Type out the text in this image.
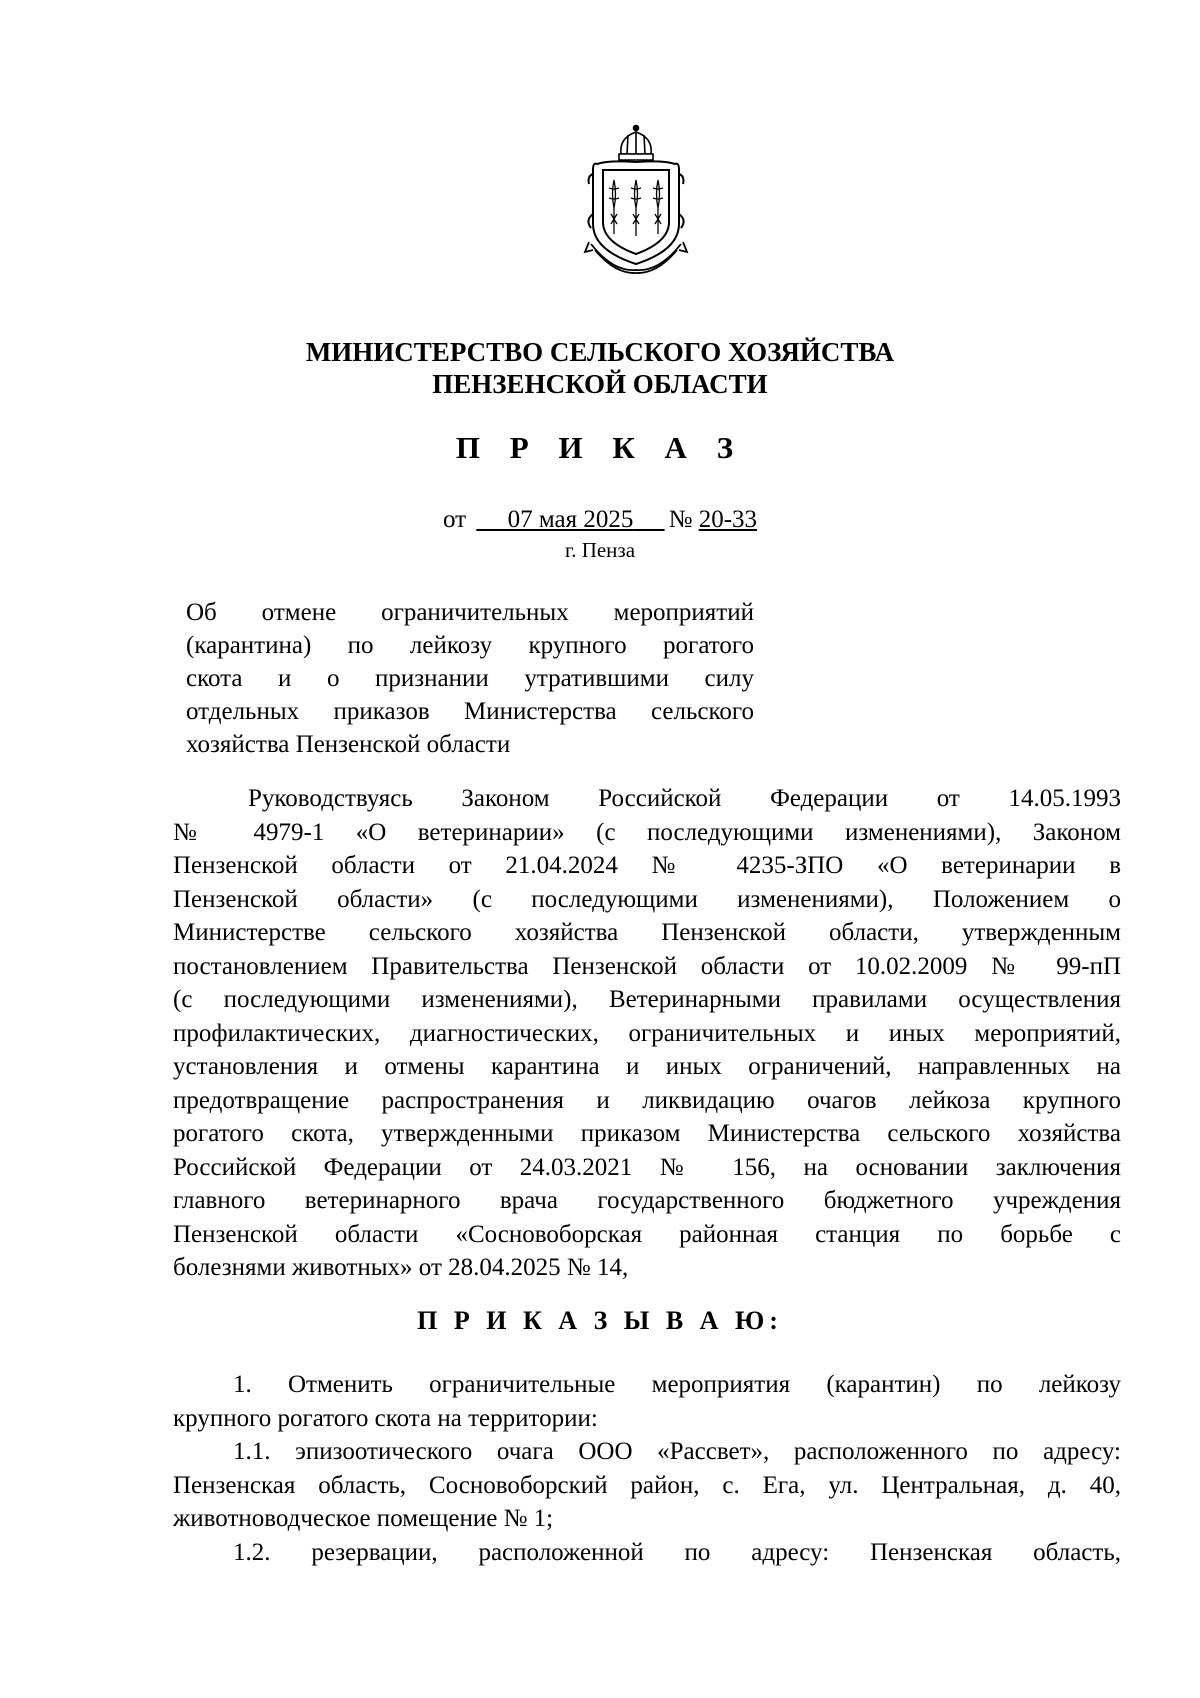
МИНИСТЕРСТВО СЕЛЬСКОГО ХОЗЯЙСТВА
ПЕНЗЕНСКОЙ ОБЛАСТИ
П Р И К А З
от 07 мая 2025 № 20-33
г. Пенза
Об отмене ограничительных мероприятий
(карантина) по лейкозу крупного рогатого
скота и о признании утратившими силу
отдельных приказов Министерства сельского
хозяйства Пензенской области
Руководствуясь Законом Российской Федерации от 14.05.1993
№ 4979-1 «О ветеринарии» (с последующими изменениями), Законом
Пензенской области от 21.04.2024 № 4235-ЗПО «О ветеринарии в
Пензенской области» (с последующими изменениями), Положением о
Министерстве сельского хозяйства Пензенской области, утвержденным
постановлением Правительства Пензенской области от 10.02.2009 № 99-пП
(с последующими изменениями), Ветеринарными правилами осуществления
профилактических, диагностических, ограничительных и иных мероприятий,
установления и отмены карантина и иных ограничений, направленных на
предотвращение распространения и ликвидацию очагов лейкоза крупного
рогатого скота, утвержденными приказом Министерства сельского хозяйства
Российской Федерации от 24.03.2021 № 156, на основании заключения
главного ветеринарного врача государственного бюджетного учреждения
Пензенской области «Сосновоборская районная станция по борьбе с
болезнями животных» от 28.04.2025 № 14,
П Р И К А З Ы В А Ю:
1. Отменить ограничительные мероприятия (карантин) по лейкозу
крупного рогатого скота на территории:
1.1. эпизоотического очага ООО «Рассвет», расположенного по адресу:
Пензенская область, Сосновоборский район, с. Ега, ул. Центральная, д. 40,
животноводческое помещение № 1;
1.2. резервации, расположенной по адресу: Пензенская область,
